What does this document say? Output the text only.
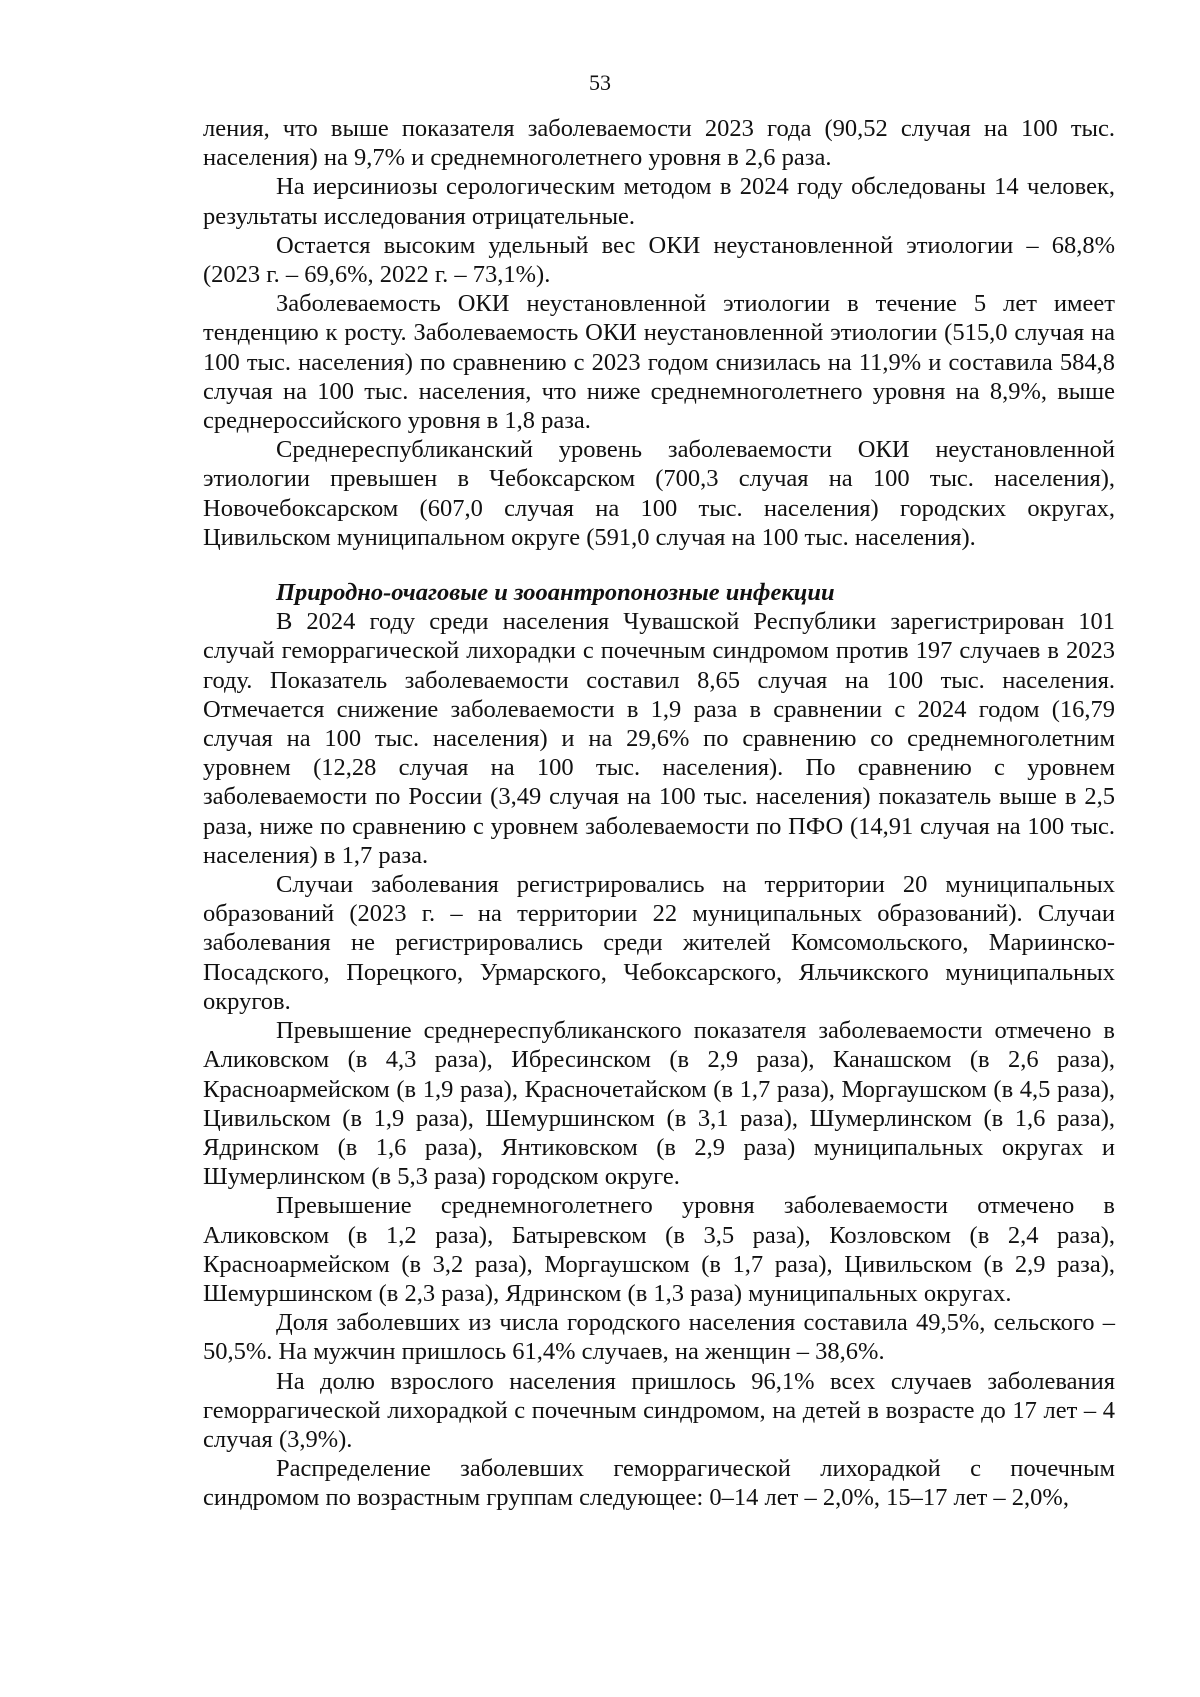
53

ления, что выше показателя заболеваемости 2023 года (90,52 случая на 100 тыс. населения) на 9,7% и среднемноголетнего уровня в 2,6 раза.

На иерсиниозы серологическим методом в 2024 году обследованы 14 человек, результаты исследования отрицательные.

Остается высоким удельный вес ОКИ неустановленной этиологии – 68,8% (2023 г. – 69,6%, 2022 г. – 73,1%).

Заболеваемость ОКИ неустановленной этиологии в течение 5 лет имеет тенденцию к росту. Заболеваемость ОКИ неустановленной этиологии (515,0 случая на 100 тыс. населения) по сравнению с 2023 годом снизилась на 11,9% и составила 584,8 случая на 100 тыс. населения, что ниже среднемноголетнего уровня на 8,9%, выше среднероссийского уровня в 1,8 раза.

Среднереспубликанский уровень заболеваемости ОКИ неустановленной этиологии превышен в Чебоксарском (700,3 случая на 100 тыс. населения), Новочебоксарском (607,0 случая на 100 тыс. населения) городских округах, Цивильском муниципальном округе (591,0 случая на 100 тыс. населения).

Природно-очаговые и зооантропонозные инфекции

В 2024 году среди населения Чувашской Республики зарегистрирован 101 случай геморрагической лихорадки с почечным синдромом против 197 случаев в 2023 году. Показатель заболеваемости составил 8,65 случая на 100 тыс. населения. Отмечается снижение заболеваемости в 1,9 раза в сравнении с 2024 годом (16,79 случая на 100 тыс. населения) и на 29,6% по сравнению со среднемноголетним уровнем (12,28 случая на 100 тыс. населения). По сравнению с уровнем заболеваемости по России (3,49 случая на 100 тыс. населения) показатель выше в 2,5 раза, ниже по сравнению с уровнем заболеваемости по ПФО (14,91 случая на 100 тыс. населения) в 1,7 раза.

Случаи заболевания регистрировались на территории 20 муниципальных образований (2023 г. – на территории 22 муниципальных образований). Случаи заболевания не регистрировались среди жителей Комсомольского, Мариинско-Посадского, Порецкого, Урмарского, Чебоксарского, Яльчикского муниципальных округов.

Превышение среднереспубликанского показателя заболеваемости отмечено в Аликовском (в 4,3 раза), Ибресинском (в 2,9 раза), Канашском (в 2,6 раза), Красноармейском (в 1,9 раза), Красночетайском (в 1,7 раза), Моргаушском (в 4,5 раза), Цивильском (в 1,9 раза), Шемуршинском (в 3,1 раза), Шумерлинском (в 1,6 раза), Ядринском (в 1,6 раза), Янтиковском (в 2,9 раза) муниципальных округах и Шумерлинском (в 5,3 раза) городском округе.

Превышение среднемноголетнего уровня заболеваемости отмечено в Аликовском (в 1,2 раза), Батыревском (в 3,5 раза), Козловском (в 2,4 раза), Красноармейском (в 3,2 раза), Моргаушском (в 1,7 раза), Цивильском (в 2,9 раза), Шемуршинском (в 2,3 раза), Ядринском (в 1,3 раза) муниципальных округах.

Доля заболевших из числа городского населения составила 49,5%, сельского – 50,5%. На мужчин пришлось 61,4% случаев, на женщин – 38,6%.

На долю взрослого населения пришлось 96,1% всех случаев заболевания геморрагической лихорадкой с почечным синдромом, на детей в возрасте до 17 лет – 4 случая (3,9%).

Распределение заболевших геморрагической лихорадкой с почечным синдромом по возрастным группам следующее: 0–14 лет – 2,0%, 15–17 лет – 2,0%,
